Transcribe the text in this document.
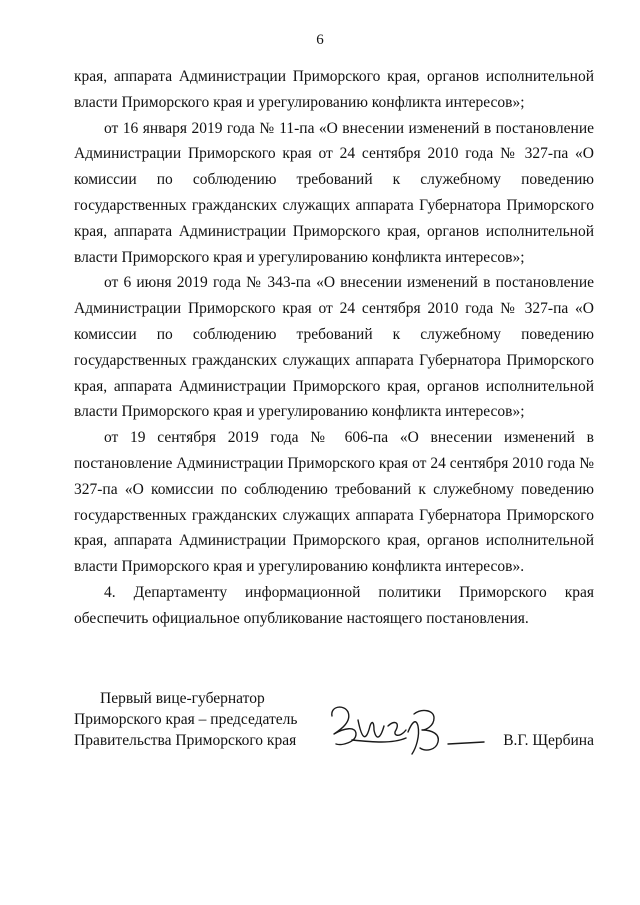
6

края, аппарата Администрации Приморского края, органов исполнительной власти Приморского края и урегулированию конфликта интересов»;

от 16 января 2019 года № 11-па «О внесении изменений в постановление Администрации Приморского края от 24 сентября 2010 года № 327-па «О комиссии по соблюдению требований к служебному поведению государственных гражданских служащих аппарата Губернатора Приморского края, аппарата Администрации Приморского края, органов исполнительной власти Приморского края и урегулированию конфликта интересов»;

от 6 июня 2019 года № 343-па «О внесении изменений в постановление Администрации Приморского края от 24 сентября 2010 года № 327-па «О комиссии по соблюдению требований к служебному поведению государственных гражданских служащих аппарата Губернатора Приморского края, аппарата Администрации Приморского края, органов исполнительной власти Приморского края и урегулированию конфликта интересов»;

от 19 сентября 2019 года № 606-па «О внесении изменений в постановление Администрации Приморского края от 24 сентября 2010 года № 327-па «О комиссии по соблюдению требований к служебному поведению государственных гражданских служащих аппарата Губернатора Приморского края, аппарата Администрации Приморского края, органов исполнительной власти Приморского края и урегулированию конфликта интересов».

4. Департаменту информационной политики Приморского края обеспечить официальное опубликование настоящего постановления.

Первый вице-губернатор
Приморского края – председатель
Правительства Приморского края	В.Г. Щербина
